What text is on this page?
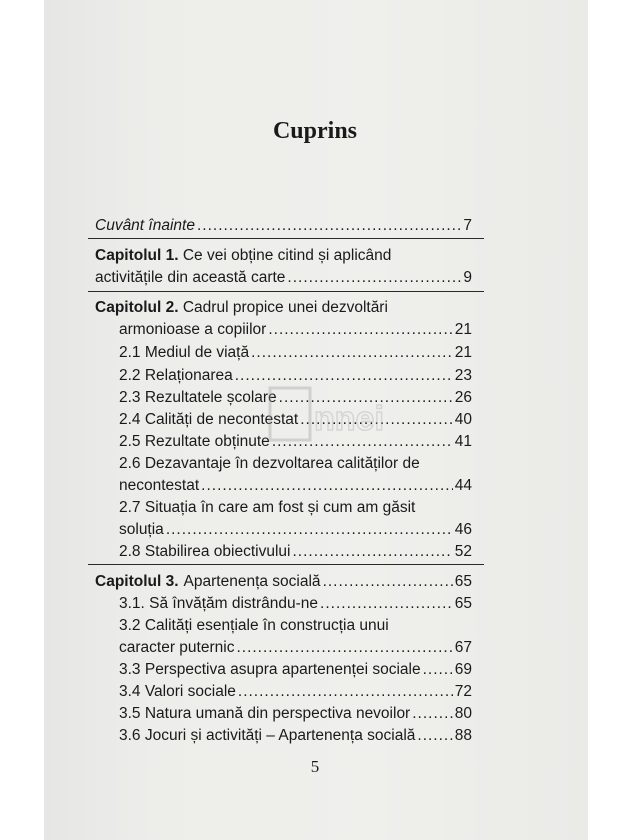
Cuprins
Cuvânt înainte .....	7
Capitolul 1. Ce vei obține citind și aplicând
activitățile din această carte .....	9
Capitolul 2. Cadrul propice unei dezvoltări
armonioase a copiilor .....	21
2.1 Mediul de viață .....	21
2.2 Relaționarea .....	23
2.3 Rezultatele școlare .....	26
2.4 Calități de necontestat .....	40
2.5 Rezultate obținute .....	41
2.6 Dezavantaje în dezvoltarea calităților de
necontestat .....	44
2.7 Situația în care am fost și cum am găsit
soluția .....	46
2.8 Stabilirea obiectivului .....	52
Capitolul 3. Apartenența socială .....	65
3.1. Să învățăm distrându-ne .....	65
3.2 Calități esențiale în construcția unui
caracter puternic .....	67
3.3 Perspectiva asupra apartenenței sociale ..... 69
3.4 Valori sociale .....	72
3.5 Natura umană din perspectiva nevoilor .....	80
3.6 Jocuri și activități – Apartenența socială .....	88
5
nnei
